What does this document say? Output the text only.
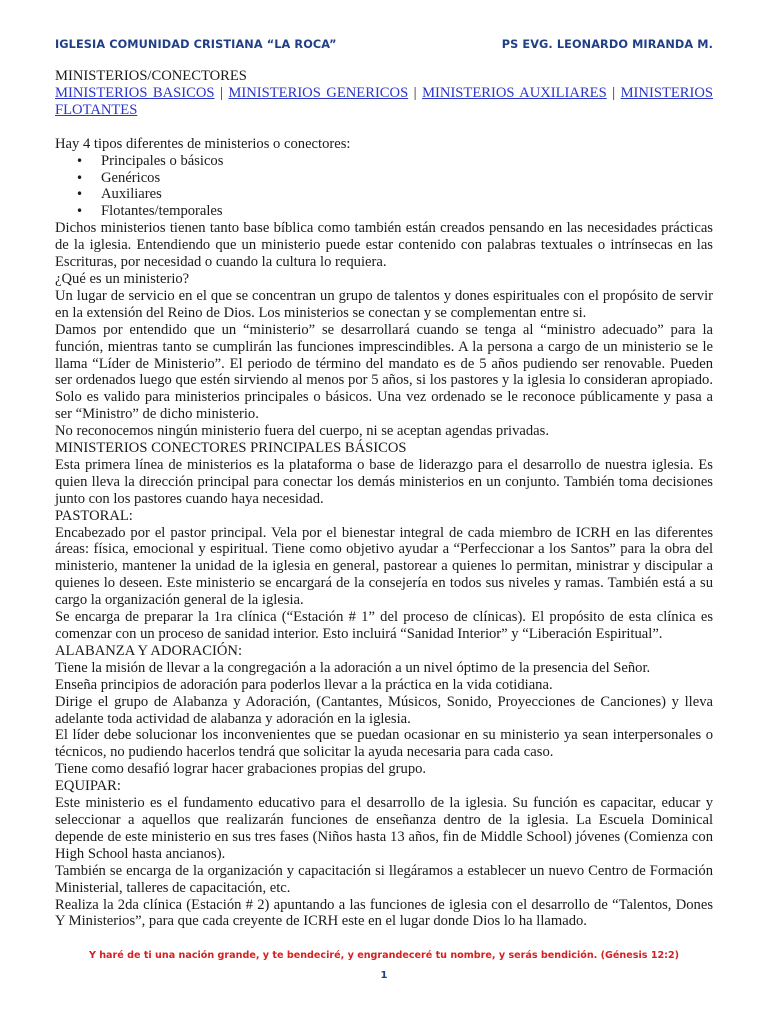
IGLESIA COMUNIDAD CRISTIANA “LA ROCA”	PS EVG. LEONARDO MIRANDA M.

MINISTERIOS/CONECTORES

MINISTERIOS BASICOS | MINISTERIOS GENERICOS | MINISTERIOS AUXILIARES | MINISTERIOS FLOTANTES

Hay 4 tipos diferentes de ministerios o conectores:

• Principales o básicos
• Genéricos
• Auxiliares
• Flotantes/temporales

Dichos ministerios tienen tanto base bíblica como también están creados pensando en las necesidades prácticas de la iglesia. Entendiendo que un ministerio puede estar contenido con palabras textuales o intrínsecas en las Escrituras, por necesidad o cuando la cultura lo requiera.

¿Qué es un ministerio?

Un lugar de servicio en el que se concentran un grupo de talentos y dones espirituales con el propósito de servir en la extensión del Reino de Dios. Los ministerios se conectan y se complementan entre si.

Damos por entendido que un “ministerio” se desarrollará cuando se tenga al “ministro adecuado” para la función, mientras tanto se cumplirán las funciones imprescindibles. A la persona a cargo de un ministerio se le llama “Líder de Ministerio”. El periodo de término del mandato es de 5 años pudiendo ser renovable. Pueden ser ordenados luego que estén sirviendo al menos por 5 años, si los pastores y la iglesia lo consideran apropiado. Solo es valido para ministerios principales o básicos. Una vez ordenado se le reconoce públicamente y pasa a ser “Ministro” de dicho ministerio.

No reconocemos ningún ministerio fuera del cuerpo, ni se aceptan agendas privadas.

MINISTERIOS CONECTORES PRINCIPALES BÁSICOS

Esta primera línea de ministerios es la plataforma o base de liderazgo para el desarrollo de nuestra iglesia. Es quien lleva la dirección principal para conectar los demás ministerios en un conjunto. También toma decisiones junto con los pastores cuando haya necesidad.

PASTORAL:

Encabezado por el pastor principal. Vela por el bienestar integral de cada miembro de ICRH en las diferentes áreas: física, emocional y espiritual. Tiene como objetivo ayudar a “Perfeccionar a los Santos” para la obra del ministerio, mantener la unidad de la iglesia en general, pastorear a quienes lo permitan, ministrar y discipular a quienes lo deseen. Este ministerio se encargará de la consejería en todos sus niveles y ramas. También está a su cargo la organización general de la iglesia.

Se encarga de preparar la 1ra clínica (“Estación # 1” del proceso de clínicas). El propósito de esta clínica es comenzar con un proceso de sanidad interior. Esto incluirá “Sanidad Interior” y “Liberación Espiritual”.

ALABANZA Y ADORACIÓN:

Tiene la misión de llevar a la congregación a la adoración a un nivel óptimo de la presencia del Señor.

Enseña principios de adoración para poderlos llevar a la práctica en la vida cotidiana.

Dirige el grupo de Alabanza y Adoración, (Cantantes, Músicos, Sonido, Proyecciones de Canciones) y lleva adelante toda actividad de alabanza y adoración en la iglesia.

El líder debe solucionar los inconvenientes que se puedan ocasionar en su ministerio ya sean interpersonales o técnicos, no pudiendo hacerlos tendrá que solicitar la ayuda necesaria para cada caso.

Tiene como desafió lograr hacer grabaciones propias del grupo.

EQUIPAR:

Este ministerio es el fundamento educativo para el desarrollo de la iglesia. Su función es capacitar, educar y seleccionar a aquellos que realizarán funciones de enseñanza dentro de la iglesia. La Escuela Dominical depende de este ministerio en sus tres fases (Niños hasta 13 años, fin de Middle School) jóvenes (Comienza con High School hasta ancianos).

También se encarga de la organización y capacitación si llegáramos a establecer un nuevo Centro de Formación Ministerial, talleres de capacitación, etc.

Realiza la 2da clínica (Estación # 2) apuntando a las funciones de iglesia con el desarrollo de “Talentos, Dones Y Ministerios”, para que cada creyente de ICRH este en el lugar donde Dios lo ha llamado.

Y haré de ti una nación grande, y te bendeciré, y engrandeceré tu nombre, y serás bendición. (Génesis 12:2)
1
